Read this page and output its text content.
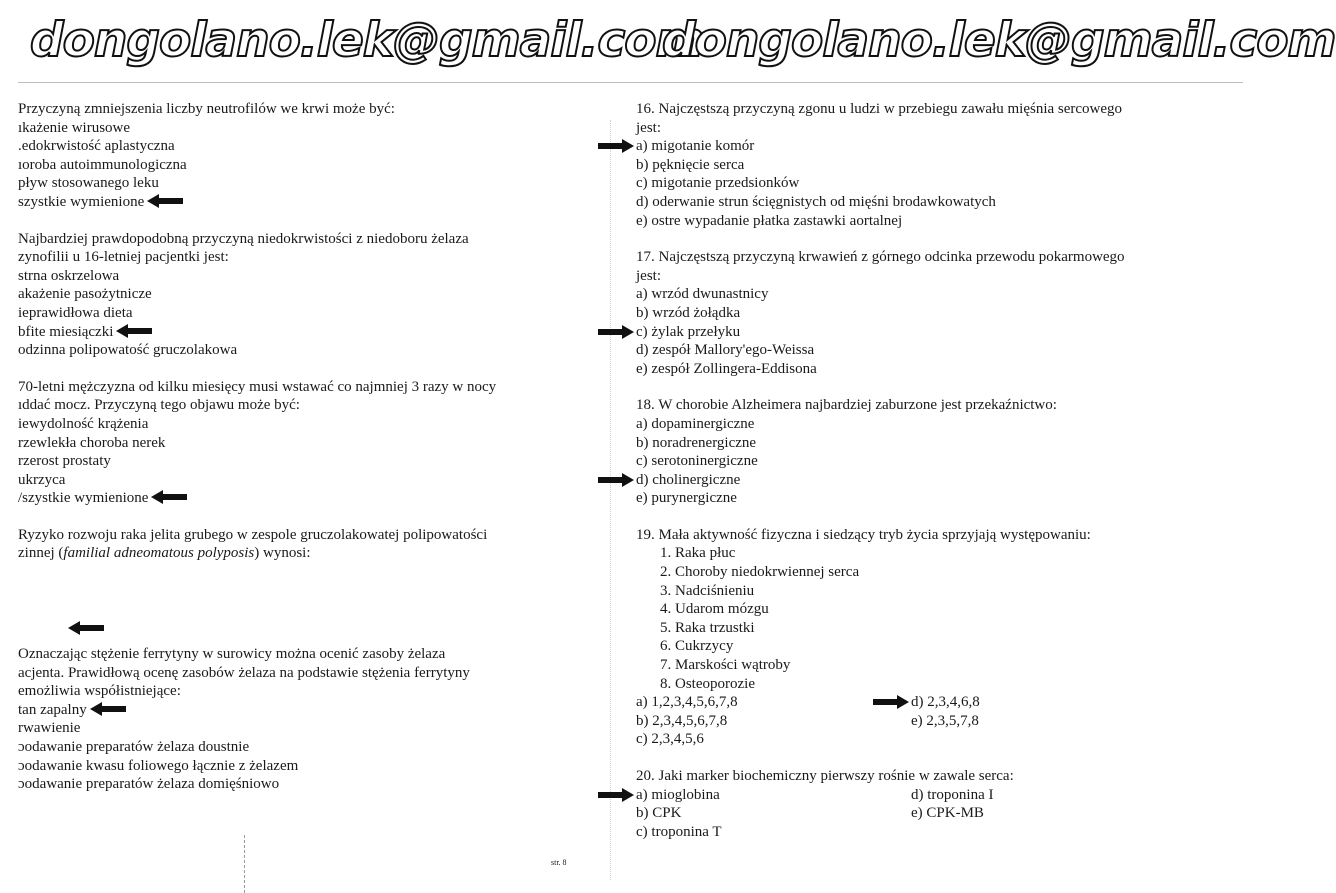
dongolano.lek@gmail.com
dongolano.lek@gmail.com
Przyczyną zmniejszenia liczby neutrofilów we krwi może być:
ıkażenie wirusowe
.edokrwistość aplastyczna
ıoroba autoimmunologiczna
pływ stosowanego leku
szystkie wymienione
Najbardziej prawdopodobną przyczyną niedokrwistości z niedoboru żelaza
zynofilii u 16-letniej pacjentki jest:
strna oskrzelowa
akażenie pasożytnicze
ieprawidłowa dieta
bfite miesiączki
odzinna polipowatość gruczolakowa
70-letni mężczyzna od kilku miesięcy musi wstawać co najmniej 3 razy w nocy
ıddać mocz. Przyczyną tego objawu może być:
iewydolność krążenia
rzewlekła choroba nerek
rzerost prostaty
ukrzyca
/szystkie wymienione
Ryzyko rozwoju raka jelita grubego w zespole gruczolakowatej polipowatości
zinnej (familial adneomatous polyposis) wynosi:
Oznaczając stężenie ferrytyny w surowicy można ocenić zasoby żelaza
acjenta. Prawidłową ocenę zasobów żelaza na podstawie stężenia ferrytyny
emożliwia współistniejące:
tan zapalny
rwawienie
ɔodawanie preparatów żelaza doustnie
ɔodawanie kwasu foliowego łącznie z żelazem
ɔodawanie preparatów żelaza domięśniowo
str. 8
16. Najczęstszą przyczyną zgonu u ludzi w przebiegu zawału mięśnia sercowego
jest:
a) migotanie komór
b) pęknięcie serca
c) migotanie przedsionków
d) oderwanie strun ścięgnistych od mięśni brodawkowatych
e) ostre wypadanie płatka zastawki aortalnej
17. Najczęstszą przyczyną krwawień z górnego odcinka przewodu pokarmowego
jest:
a) wrzód dwunastnicy
b) wrzód żołądka
c) żylak przełyku
d) zespół Mallory'ego-Weissa
e) zespół Zollingera-Eddisona
18. W chorobie Alzheimera najbardziej zaburzone jest przekaźnictwo:
a) dopaminergiczne
b) noradrenergiczne
c) serotoninergiczne
d) cholinergiczne
e) purynergiczne
19. Mała aktywność fizyczna i siedzący tryb życia sprzyjają występowaniu:
1. Raka płuc
2. Choroby niedokrwiennej serca
3. Nadciśnieniu
4. Udarom mózgu
5. Raka trzustki
6. Cukrzycy
7. Marskości wątroby
8. Osteoporozie
a) 1,2,3,4,5,6,7,8	d) 2,3,4,6,8
b) 2,3,4,5,6,7,8	e) 2,3,5,7,8
c) 2,3,4,5,6
20. Jaki marker biochemiczny pierwszy rośnie w zawale serca:
a) mioglobina	d) troponina I
b) CPK	e) CPK-MB
c) troponina T
